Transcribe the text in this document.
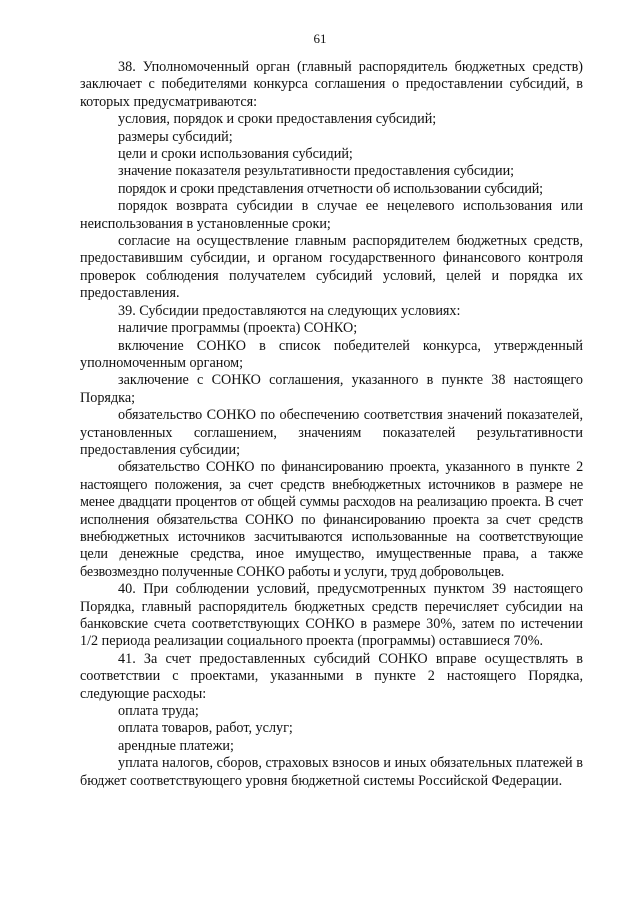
61

38. Уполномоченный орган (главный распорядитель бюджетных средств) заключает с победителями конкурса соглашения о предоставлении субсидий, в которых предусматриваются:

условия, порядок и сроки предоставления субсидий;

размеры субсидий;

цели и сроки использования субсидий;

значение показателя результативности предоставления субсидии;

порядок и сроки представления отчетности об использовании субсидий;

порядок возврата субсидии в случае ее нецелевого использования или неиспользования в установленные сроки;

согласие на осуществление главным распорядителем бюджетных средств, предоставившим субсидии, и органом государственного финансового контроля проверок соблюдения получателем субсидий условий, целей и порядка их предоставления.

39. Субсидии предоставляются на следующих условиях:

наличие программы (проекта) СОНКО;

включение СОНКО в список победителей конкурса, утвержденный уполномоченным органом;

заключение с СОНКО соглашения, указанного в пункте 38 настоящего Порядка;

обязательство СОНКО по обеспечению соответствия значений показателей, установленных соглашением, значениям показателей результативности предоставления субсидии;

обязательство СОНКО по финансированию проекта, указанного в пункте 2 настоящего положения, за счет средств внебюджетных источников в размере не менее двадцати процентов от общей суммы расходов на реализацию проекта. В счет исполнения обязательства СОНКО по финансированию проекта за счет средств внебюджетных источников засчитываются использованные на соответствующие цели денежные средства, иное имущество, имущественные права, а также безвозмездно полученные СОНКО работы и услуги, труд добровольцев.

40. При соблюдении условий, предусмотренных пунктом 39 настоящего Порядка, главный распорядитель бюджетных средств перечисляет субсидии на банковские счета соответствующих СОНКО в размере 30%, затем по истечении 1/2 периода реализации социального проекта (программы) оставшиеся 70%.

41. За счет предоставленных субсидий СОНКО вправе осуществлять в соответствии с проектами, указанными в пункте 2 настоящего Порядка, следующие расходы:

оплата труда;

оплата товаров, работ, услуг;

арендные платежи;

уплата налогов, сборов, страховых взносов и иных обязательных платежей в бюджет соответствующего уровня бюджетной системы Российской Федерации.
